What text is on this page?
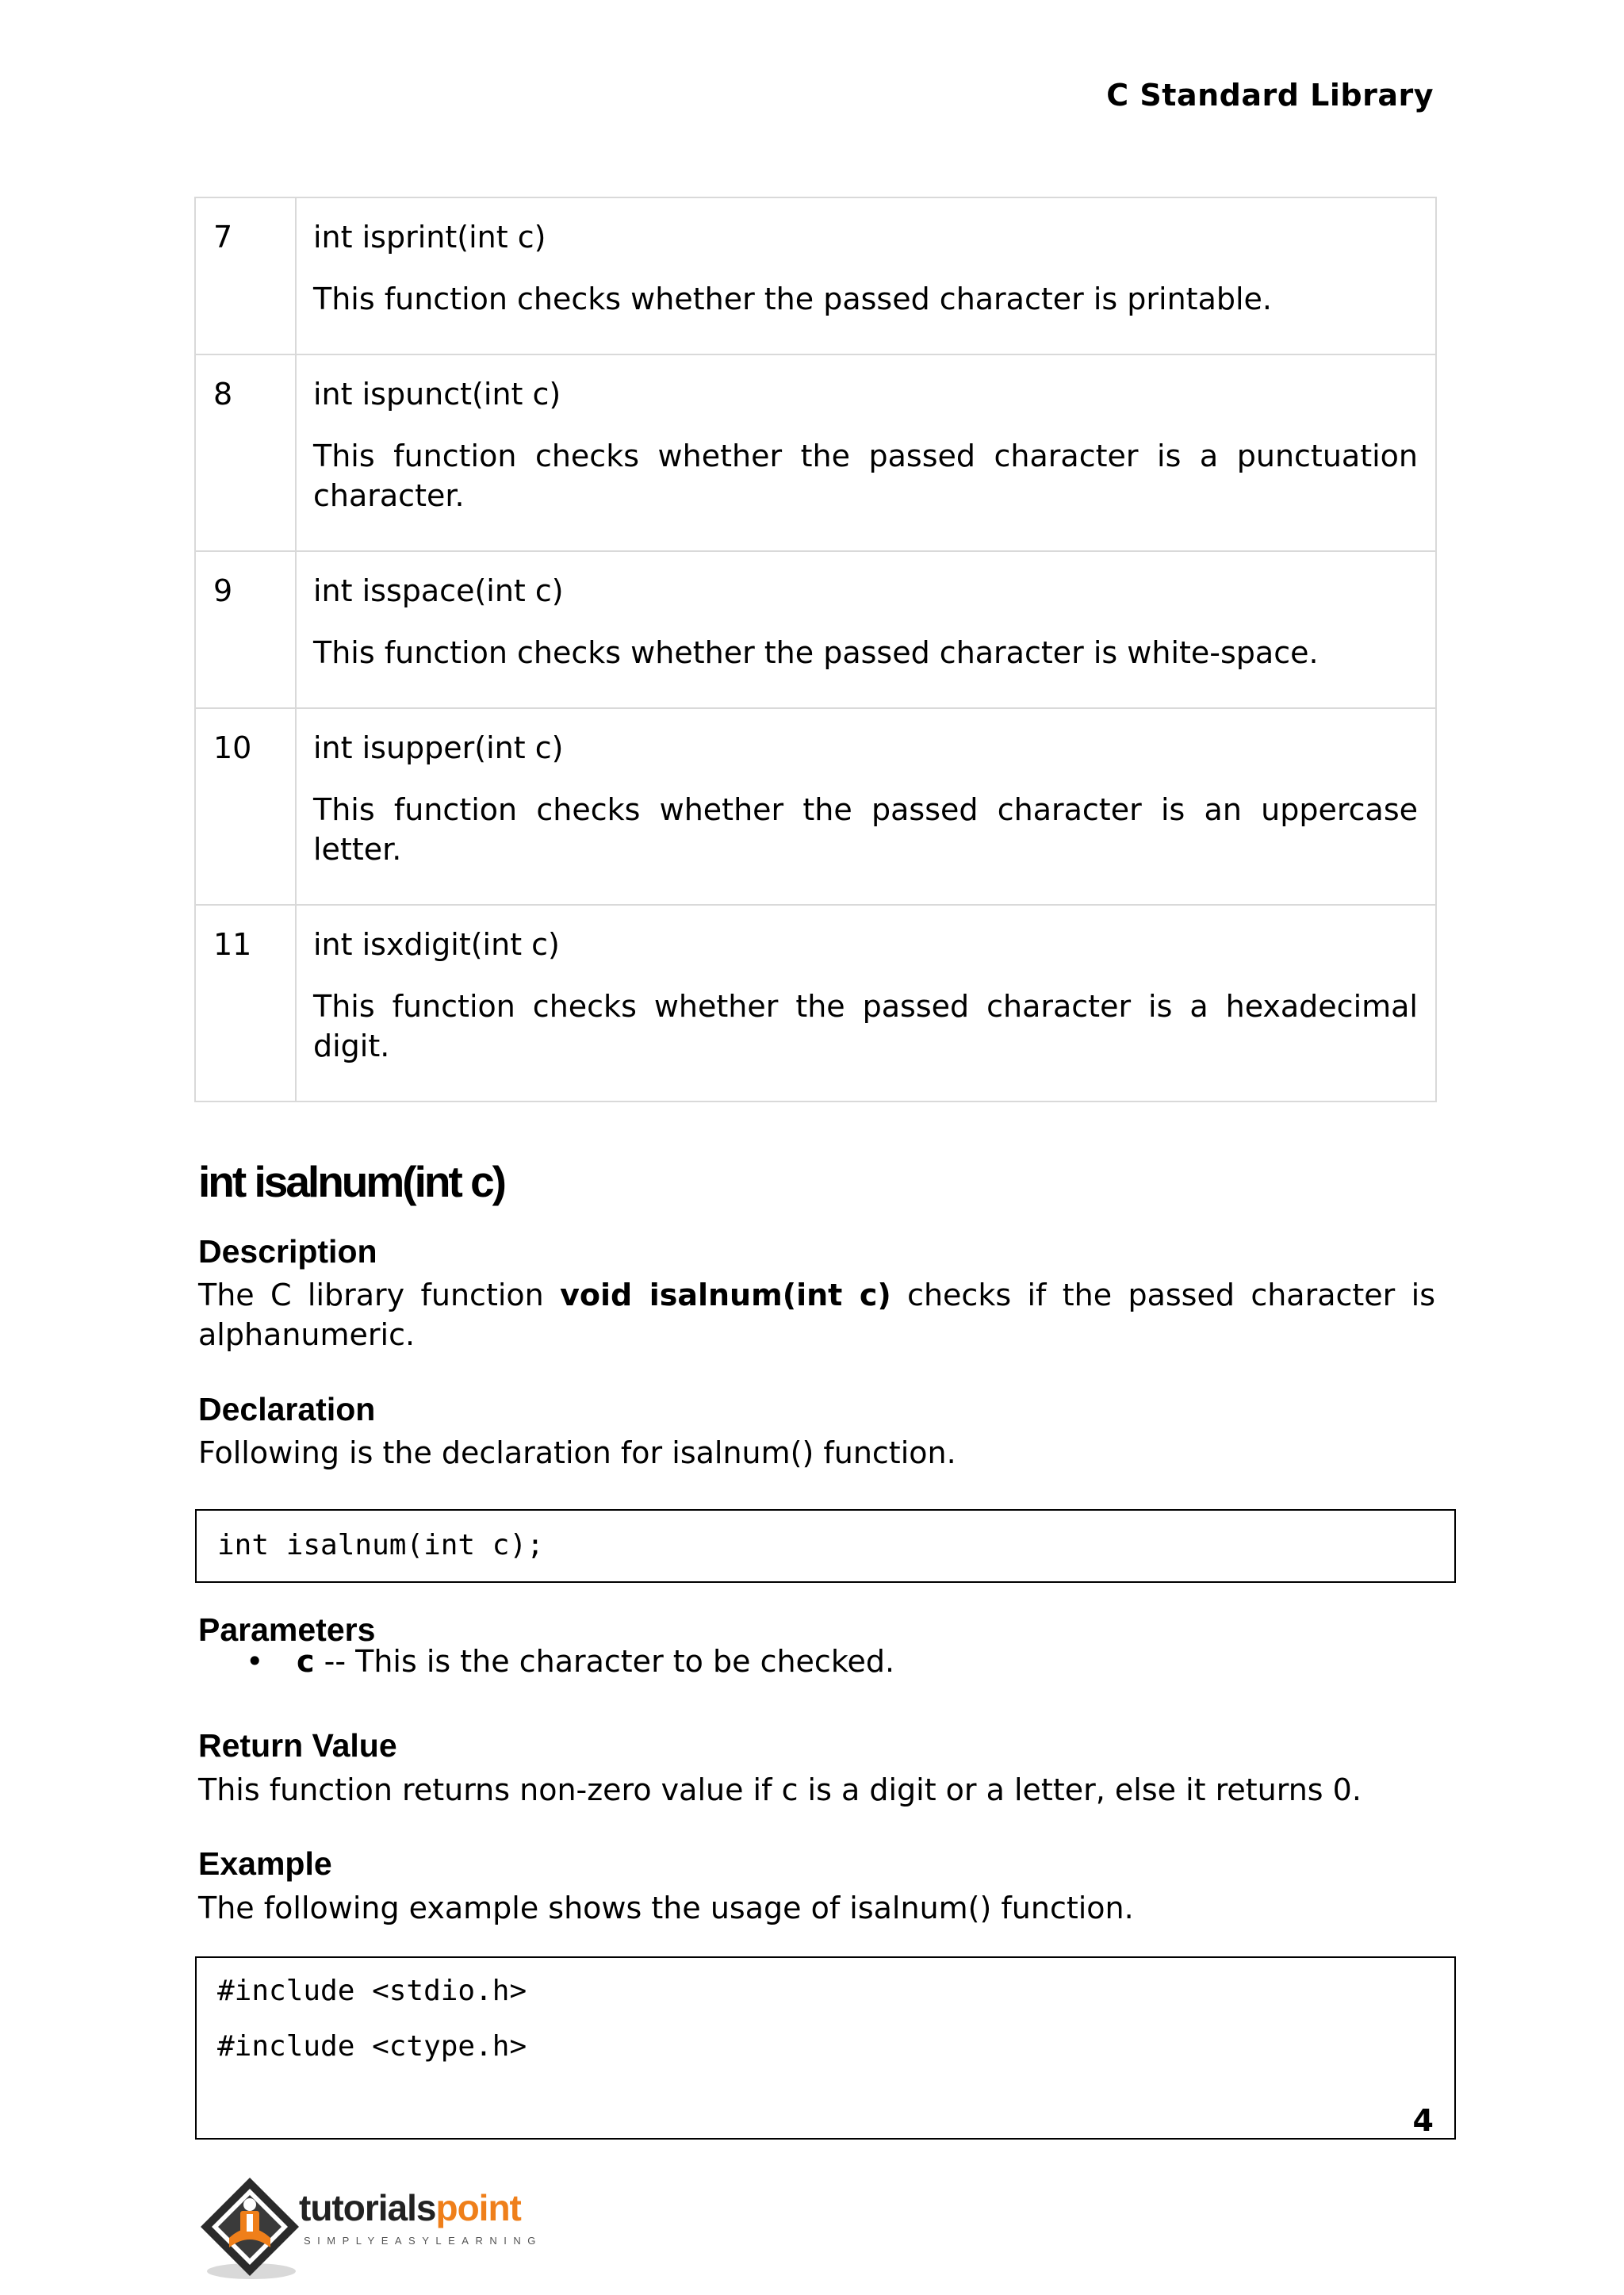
C Standard Library
7	int isprint(int c)

This function checks whether the passed character is printable.

8	int ispunct(int c)

This function checks whether the passed character is a punctuation character.

9	int isspace(int c)

This function checks whether the passed character is white-space.

10	int isupper(int c)

This function checks whether the passed character is an uppercase letter.

11	int isxdigit(int c)

This function checks whether the passed character is a hexadecimal digit.

int isalnum(int c)
Description

The C library function void isalnum(int c) checks if the passed character is alphanumeric.

Declaration

Following is the declaration for isalnum() function.

int isalnum(int c);
Parameters
• c -- This is the character to be checked.
Return Value

This function returns non-zero value if c is a digit or a letter, else it returns 0.

Example

The following example shows the usage of isalnum() function.

#include <stdio.h>
#include <ctype.h>
4
tutorialspoint
SIMPLYEASYLEARNING
